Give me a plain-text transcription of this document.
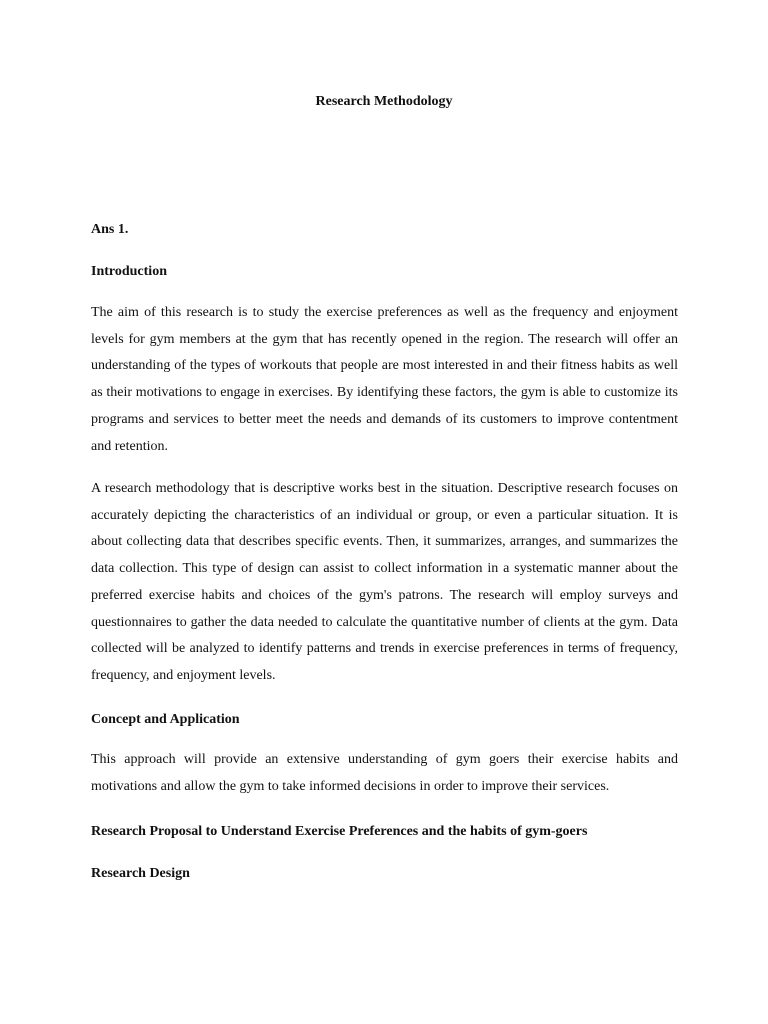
Research Methodology

Ans 1.

Introduction

The aim of this research is to study the exercise preferences as well as the frequency and enjoyment levels for gym members at the gym that has recently opened in the region. The research will offer an understanding of the types of workouts that people are most interested in and their fitness habits as well as their motivations to engage in exercises. By identifying these factors, the gym is able to customize its programs and services to better meet the needs and demands of its customers to improve contentment and retention.

A research methodology that is descriptive works best in the situation. Descriptive research focuses on accurately depicting the characteristics of an individual or group, or even a particular situation. It is about collecting data that describes specific events. Then, it summarizes, arranges, and summarizes the data collection. This type of design can assist to collect information in a systematic manner about the preferred exercise habits and choices of the gym's patrons. The research will employ surveys and questionnaires to gather the data needed to calculate the quantitative number of clients at the gym. Data collected will be analyzed to identify patterns and trends in exercise preferences in terms of frequency, frequency, and enjoyment levels.

Concept and Application

This approach will provide an extensive understanding of gym goers their exercise habits and motivations and allow the gym to take informed decisions in order to improve their services.

Research Proposal to Understand Exercise Preferences and the habits of gym-goers

Research Design
